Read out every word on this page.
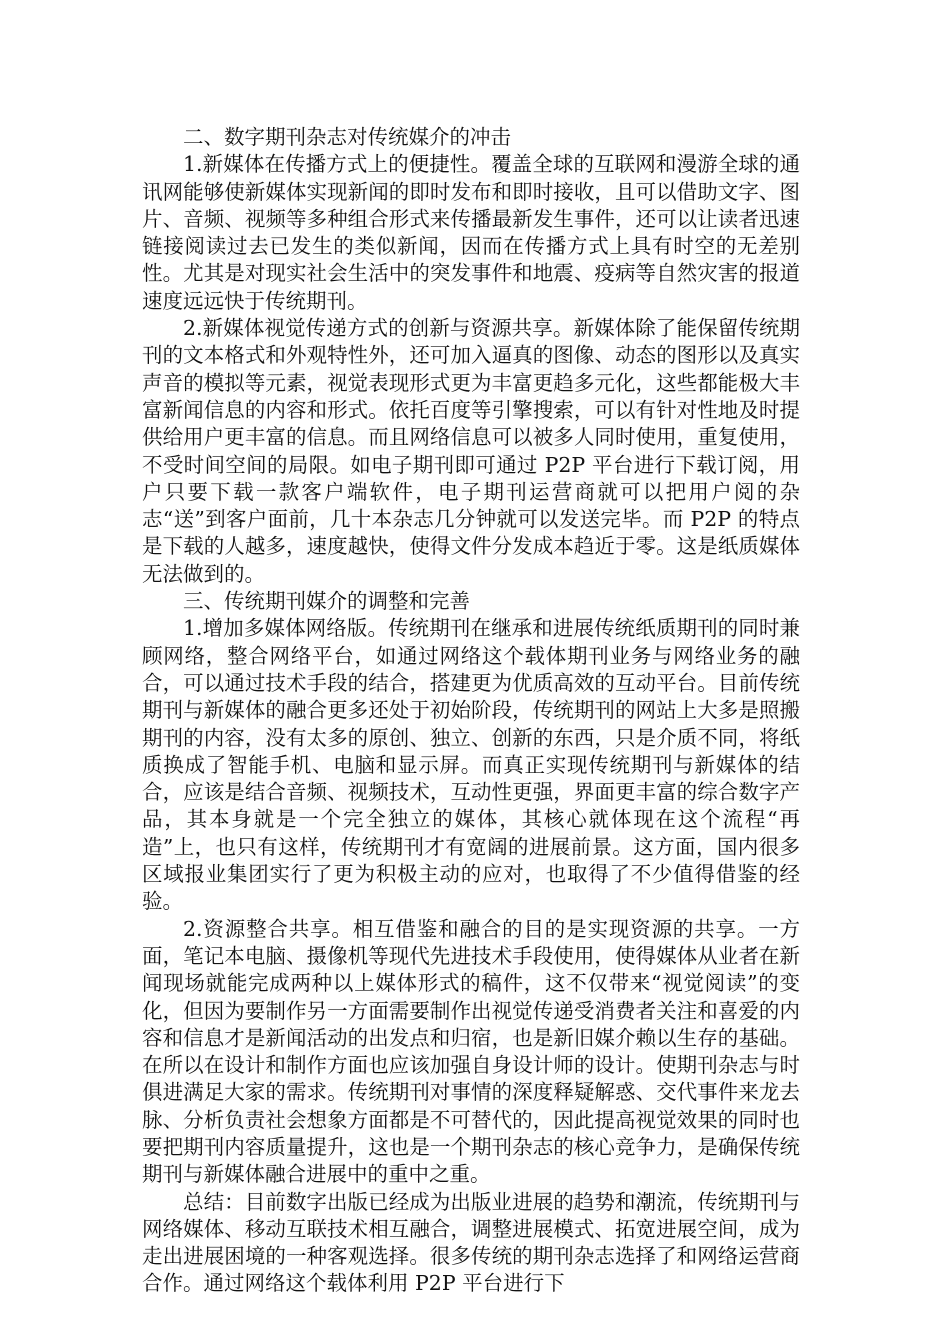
二、数字期刊杂志对传统媒介的冲击

1.新媒体在传播方式上的便捷性。覆盖全球的互联网和漫游全球的通讯网能够使新媒体实现新闻的即时发布和即时接收，且可以借助文字、图片、音频、视频等多种组合形式来传播最新发生事件，还可以让读者迅速链接阅读过去已发生的类似新闻，因而在传播方式上具有时空的无差别性。尤其是对现实社会生活中的突发事件和地震、疫病等自然灾害的报道速度远远快于传统期刊。

2.新媒体视觉传递方式的创新与资源共享。新媒体除了能保留传统期刊的文本格式和外观特性外，还可加入逼真的图像、动态的图形以及真实声音的模拟等元素，视觉表现形式更为丰富更趋多元化，这些都能极大丰富新闻信息的内容和形式。依托百度等引擎搜索，可以有针对性地及时提供给用户更丰富的信息。而且网络信息可以被多人同时使用，重复使用，不受时间空间的局限。如电子期刊即可通过 P2P 平台进行下载订阅，用户只要下载一款客户端软件，电子期刊运营商就可以把用户阅的杂志“送”到客户面前，几十本杂志几分钟就可以发送完毕。而 P2P 的特点是下载的人越多，速度越快，使得文件分发成本趋近于零。这是纸质媒体无法做到的。

三、传统期刊媒介的调整和完善

1.增加多媒体网络版。传统期刊在继承和进展传统纸质期刊的同时兼顾网络，整合网络平台，如通过网络这个载体期刊业务与网络业务的融合，可以通过技术手段的结合，搭建更为优质高效的互动平台。目前传统期刊与新媒体的融合更多还处于初始阶段，传统期刊的网站上大多是照搬期刊的内容，没有太多的原创、独立、创新的东西，只是介质不同，将纸质换成了智能手机、电脑和显示屏。而真正实现传统期刊与新媒体的结合，应该是结合音频、视频技术，互动性更强，界面更丰富的综合数字产品，其本身就是一个完全独立的媒体，其核心就体现在这个流程“再造”上，也只有这样，传统期刊才有宽阔的进展前景。这方面，国内很多区域报业集团实行了更为积极主动的应对，也取得了不少值得借鉴的经验。

2.资源整合共享。相互借鉴和融合的目的是实现资源的共享。一方面，笔记本电脑、摄像机等现代先进技术手段使用，使得媒体从业者在新闻现场就能完成两种以上媒体形式的稿件，这不仅带来“视觉阅读”的变化，但因为要制作另一方面需要制作出视觉传递受消费者关注和喜爱的内容和信息才是新闻活动的出发点和归宿，也是新旧媒介赖以生存的基础。在所以在设计和制作方面也应该加强自身设计师的设计。使期刊杂志与时俱进满足大家的需求。传统期刊对事情的深度释疑解惑、交代事件来龙去脉、分析负责社会想象方面都是不可替代的，因此提高视觉效果的同时也要把期刊内容质量提升，这也是一个期刊杂志的核心竞争力，是确保传统期刊与新媒体融合进展中的重中之重。

总结：目前数字出版已经成为出版业进展的趋势和潮流，传统期刊与网络媒体、移动互联技术相互融合，调整进展模式、拓宽进展空间，成为走出进展困境的一种客观选择。很多传统的期刊杂志选择了和网络运营商合作。通过网络这个载体利用 P2P 平台进行下
